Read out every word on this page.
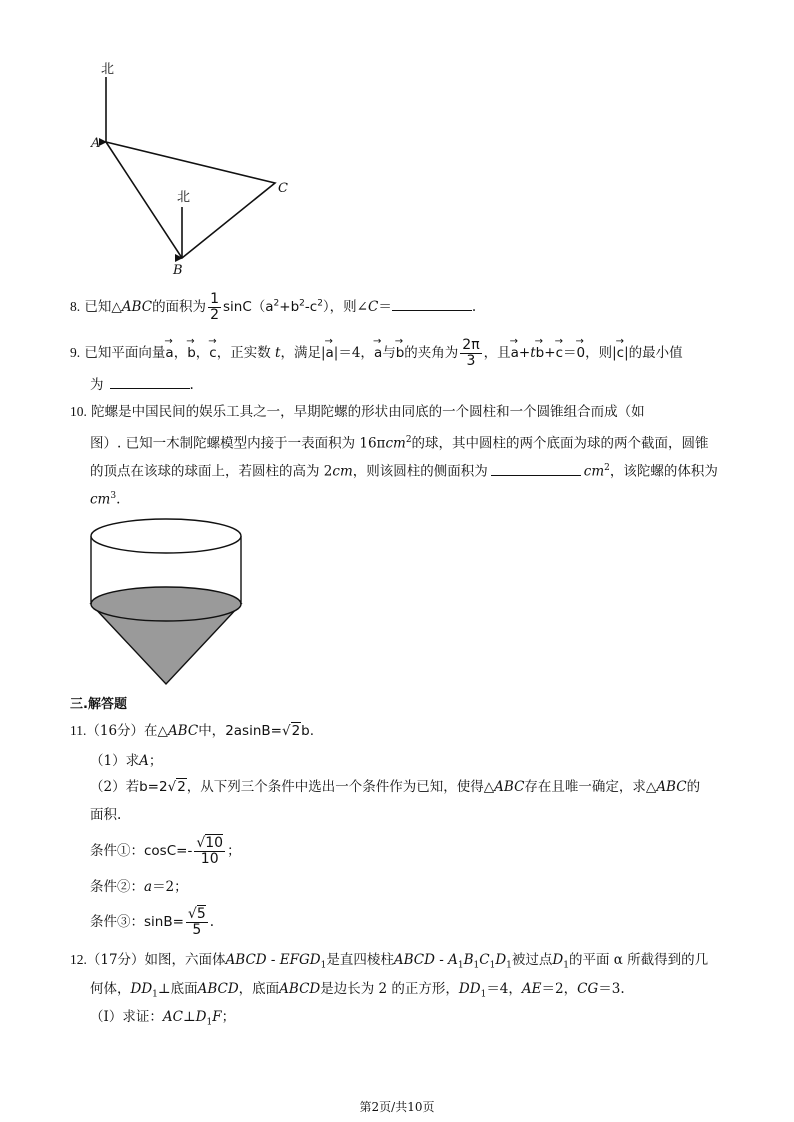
北
北
A
C
B
8. 已知△ABC的面积为 $\frac{1}{2} \sin C(a^2+b^2-c^2)$，则∠C＝	.
9. 已知平面向量→ a，→ b，→ c，正实数 t，满足|→ a|＝4，→ a与→ b的夹角为 $\frac{2\pi}{3}$ ，且→ a+t→ b+→ c＝→ 0，则|→ c|的最小值
为	.
10. 陀螺是中国民间的娱乐工具之一，早期陀螺的形状由同底的一个圆柱和一个圆锥组合而成（如
图）. 已知一木制陀螺模型内接于一表面积为 16πcm$^2$的球，其中圆柱的两个底面为球的两个截面，圆锥
的顶点在该球的球面上，若圆柱的高为 2cm，则该圆柱的侧面积为	$cm^2$，该陀螺的体积为
$cm^3$.
三.解答题
11.（16分）在△ABC中，2asinB=√2b.
（1）求A；
（2）若b=2√2，从下列三个条件中选出一个条件作为已知，使得△ABC存在且唯一确定，求△ABC的
面积.
条件①：$\cos C=- \frac{√10}{10}$ ；
条件②：a＝2；
条件③：$\sin B= \frac{√5}{5}$ .
12.（17分）如图，六面体ABCD - $EFGD_1$是直四棱柱ABCD - $A_1B_1C_1D_1$被过点$D_1$的平面 α 所截得到的几
何体，$DD_1\perp$底面ABCD，底面ABCD是边长为 2 的正方形，$DD_1=4$，AE＝2，CG＝3.
（Ⅰ）求证：$AC\perp D_1F$；
第2页/共10页
